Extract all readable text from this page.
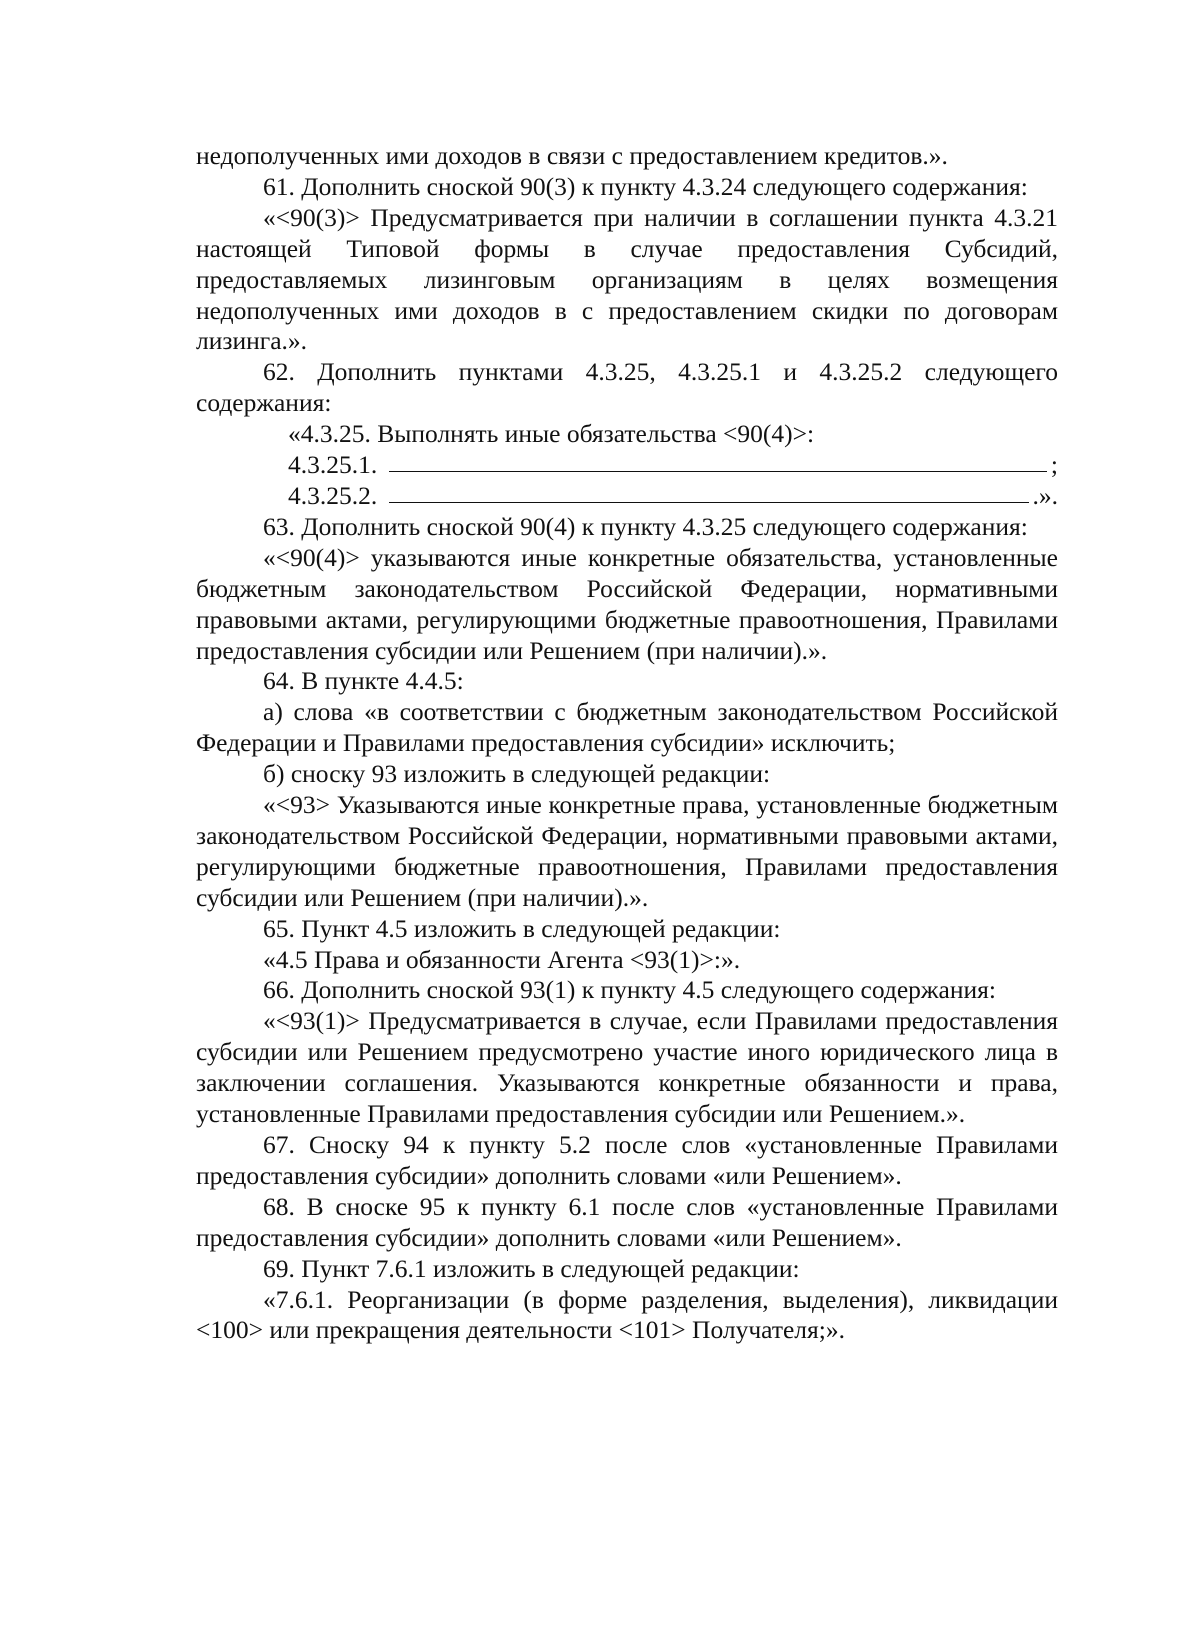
недополученных ими доходов в связи с предоставлением кредитов.».

61. Дополнить сноской 90(3) к пункту 4.3.24 следующего содержания:

«<90(3)> Предусматривается при наличии в соглашении пункта 4.3.21 настоящей Типовой формы в случае предоставления Субсидий, предоставляемых лизинговым организациям в целях возмещения недополученных ими доходов в с предоставлением скидки по договорам лизинга.».

62. Дополнить пунктами 4.3.25, 4.3.25.1 и 4.3.25.2 следующего содержания:

«4.3.25. Выполнять иные обязательства <90(4)>:

4.3.25.1.	;
4.3.25.2.	.».

63. Дополнить сноской 90(4) к пункту 4.3.25 следующего содержания:

«<90(4)> указываются иные конкретные обязательства, установленные бюджетным законодательством Российской Федерации, нормативными правовыми актами, регулирующими бюджетные правоотношения, Правилами предоставления субсидии или Решением (при наличии).».

64. В пункте 4.4.5:

а) слова «в соответствии с бюджетным законодательством Российской Федерации и Правилами предоставления субсидии» исключить;

б) сноску 93 изложить в следующей редакции:

«<93> Указываются иные конкретные права, установленные бюджетным законодательством Российской Федерации, нормативными правовыми актами, регулирующими бюджетные правоотношения, Правилами предоставления субсидии или Решением (при наличии).».

65. Пункт 4.5 изложить в следующей редакции:

«4.5 Права и обязанности Агента <93(1)>:».

66. Дополнить сноской 93(1) к пункту 4.5 следующего содержания:

«<93(1)> Предусматривается в случае, если Правилами предоставления субсидии или Решением предусмотрено участие иного юридического лица в заключении соглашения. Указываются конкретные обязанности и права, установленные Правилами предоставления субсидии или Решением.».

67. Сноску 94 к пункту 5.2 после слов «установленные Правилами предоставления субсидии» дополнить словами «или Решением».

68. В сноске 95 к пункту 6.1 после слов «установленные Правилами предоставления субсидии» дополнить словами «или Решением».

69. Пункт 7.6.1 изложить в следующей редакции:

«7.6.1. Реорганизации (в форме разделения, выделения), ликвидации <100> или прекращения деятельности <101> Получателя;».
